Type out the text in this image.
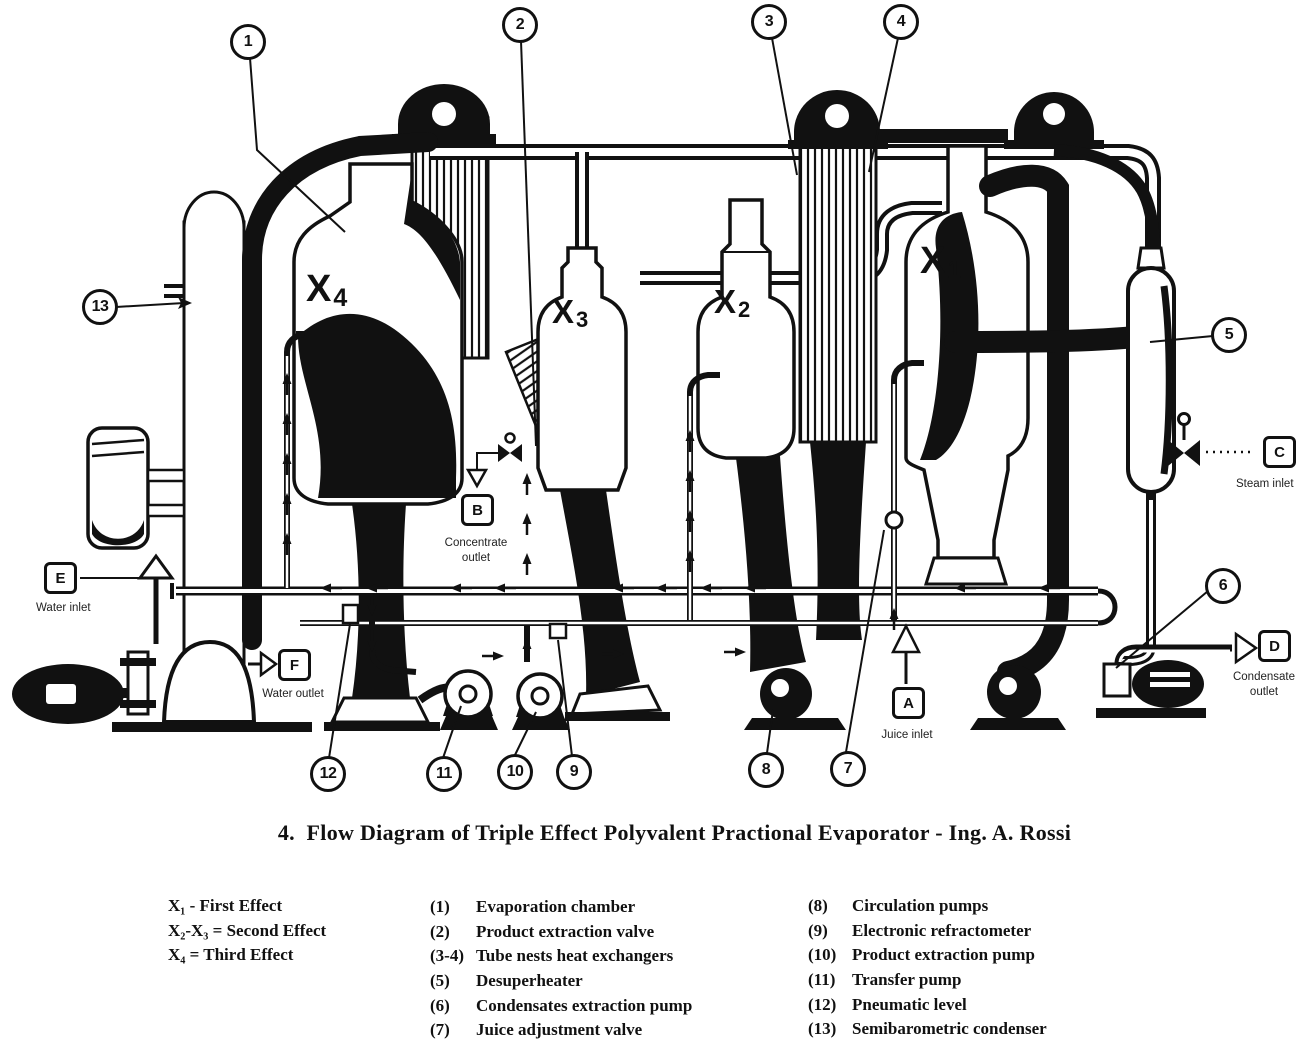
1
2	3	4
5
6
7
8
9
10
11
12
13	X4	X3	X2
X1
E
Water inlet
F
Water outlet
B
Concentrate outlet
A
Juice inlet
C
Steam inlet
D
Condensate outlet
4.  Flow Diagram of Triple Effect Polyvalent Practional Evaporator - Ing. A. Rossi
X₁ - First Effect
X₂-X₃ = Second Effect
X₄ = Third Effect
(1) Evaporation chamber
(2) Product extraction valve
(3-4) Tube nests heat exchangers
(5) Desuperheater
(6) Condensates extraction pump
(7) Juice adjustment valve
(8) Circulation pumps
(9) Electronic refractometer
(10) Product extraction pump
(11) Transfer pump
(12) Pneumatic level
(13) Semibarometric condenser
